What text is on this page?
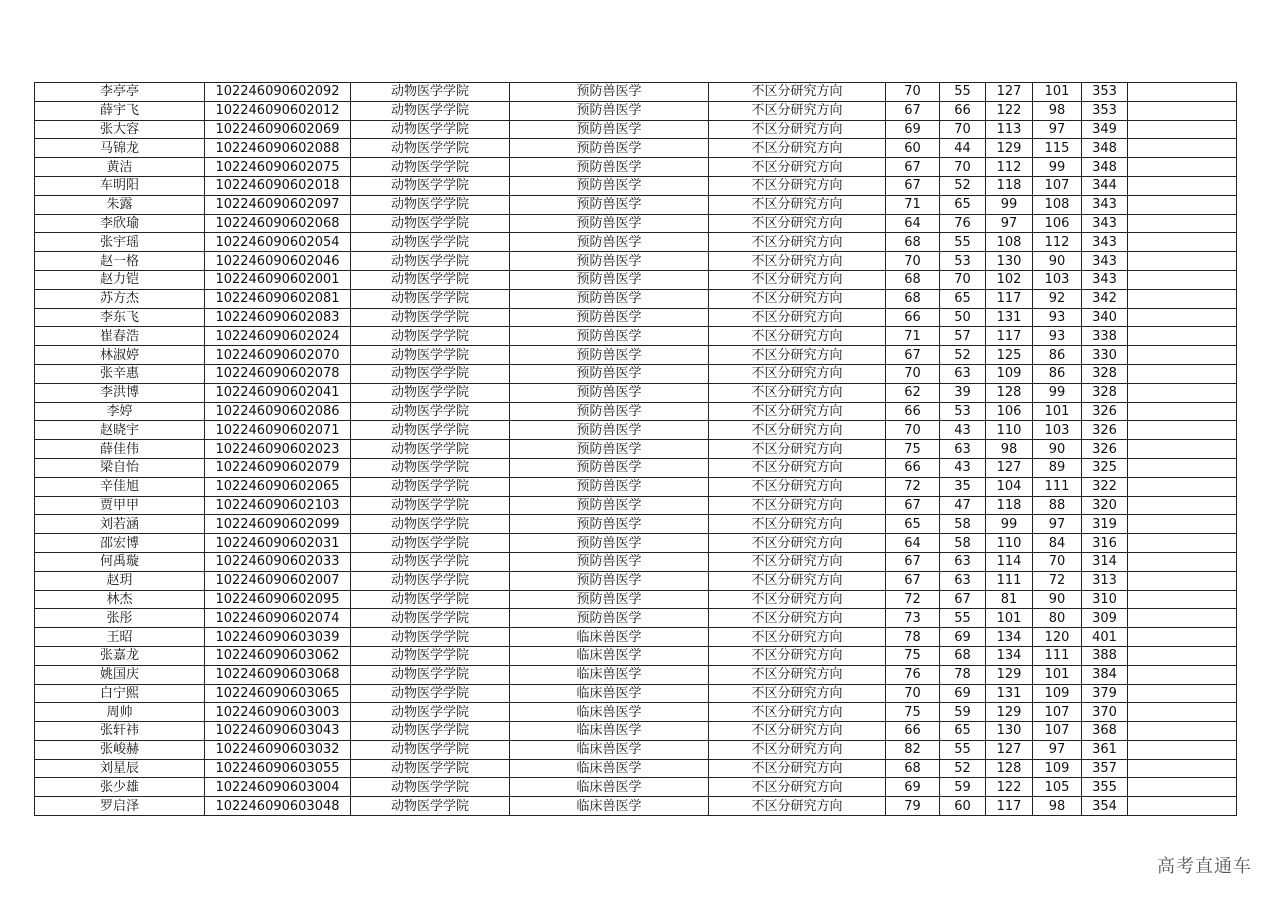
李亭亭	102246090602092	动物医学学院	预防兽医学	不区分研究方向	70	55	127	101	353	
薛宇飞	102246090602012	动物医学学院	预防兽医学	不区分研究方向	67	66	122	98	353	
张大容	102246090602069	动物医学学院	预防兽医学	不区分研究方向	69	70	113	97	349	
马锦龙	102246090602088	动物医学学院	预防兽医学	不区分研究方向	60	44	129	115	348	
黄洁	102246090602075	动物医学学院	预防兽医学	不区分研究方向	67	70	112	99	348	
车明阳	102246090602018	动物医学学院	预防兽医学	不区分研究方向	67	52	118	107	344	
朱露	102246090602097	动物医学学院	预防兽医学	不区分研究方向	71	65	99	108	343	
李欣瑜	102246090602068	动物医学学院	预防兽医学	不区分研究方向	64	76	97	106	343	
张宇瑶	102246090602054	动物医学学院	预防兽医学	不区分研究方向	68	55	108	112	343	
赵一格	102246090602046	动物医学学院	预防兽医学	不区分研究方向	70	53	130	90	343	
赵力铠	102246090602001	动物医学学院	预防兽医学	不区分研究方向	68	70	102	103	343	
苏方杰	102246090602081	动物医学学院	预防兽医学	不区分研究方向	68	65	117	92	342	
李东飞	102246090602083	动物医学学院	预防兽医学	不区分研究方向	66	50	131	93	340	
崔春浩	102246090602024	动物医学学院	预防兽医学	不区分研究方向	71	57	117	93	338	
林淑婷	102246090602070	动物医学学院	预防兽医学	不区分研究方向	67	52	125	86	330	
张辛惠	102246090602078	动物医学学院	预防兽医学	不区分研究方向	70	63	109	86	328	
李洪博	102246090602041	动物医学学院	预防兽医学	不区分研究方向	62	39	128	99	328	
李婷	102246090602086	动物医学学院	预防兽医学	不区分研究方向	66	53	106	101	326	
赵晓宇	102246090602071	动物医学学院	预防兽医学	不区分研究方向	70	43	110	103	326	
薛佳伟	102246090602023	动物医学学院	预防兽医学	不区分研究方向	75	63	98	90	326	
梁自怡	102246090602079	动物医学学院	预防兽医学	不区分研究方向	66	43	127	89	325	
辛佳旭	102246090602065	动物医学学院	预防兽医学	不区分研究方向	72	35	104	111	322	
贾甲甲	102246090602103	动物医学学院	预防兽医学	不区分研究方向	67	47	118	88	320	
刘若涵	102246090602099	动物医学学院	预防兽医学	不区分研究方向	65	58	99	97	319	
邵宏博	102246090602031	动物医学学院	预防兽医学	不区分研究方向	64	58	110	84	316	
何禹璇	102246090602033	动物医学学院	预防兽医学	不区分研究方向	67	63	114	70	314	
赵玥	102246090602007	动物医学学院	预防兽医学	不区分研究方向	67	63	111	72	313	
林杰	102246090602095	动物医学学院	预防兽医学	不区分研究方向	72	67	81	90	310	
张彤	102246090602074	动物医学学院	预防兽医学	不区分研究方向	73	55	101	80	309	
王昭	102246090603039	动物医学学院	临床兽医学	不区分研究方向	78	69	134	120	401	
张嘉龙	102246090603062	动物医学学院	临床兽医学	不区分研究方向	75	68	134	111	388	
姚国庆	102246090603068	动物医学学院	临床兽医学	不区分研究方向	76	78	129	101	384	
白宁熙	102246090603065	动物医学学院	临床兽医学	不区分研究方向	70	69	131	109	379	
周帅	102246090603003	动物医学学院	临床兽医学	不区分研究方向	75	59	129	107	370	
张轩祎	102246090603043	动物医学学院	临床兽医学	不区分研究方向	66	65	130	107	368	
张峻赫	102246090603032	动物医学学院	临床兽医学	不区分研究方向	82	55	127	97	361	
刘星辰	102246090603055	动物医学学院	临床兽医学	不区分研究方向	68	52	128	109	357	
张少雄	102246090603004	动物医学学院	临床兽医学	不区分研究方向	69	59	122	105	355	
罗启泽	102246090603048	动物医学学院	临床兽医学	不区分研究方向	79	60	117	98	354	
高考直通车
